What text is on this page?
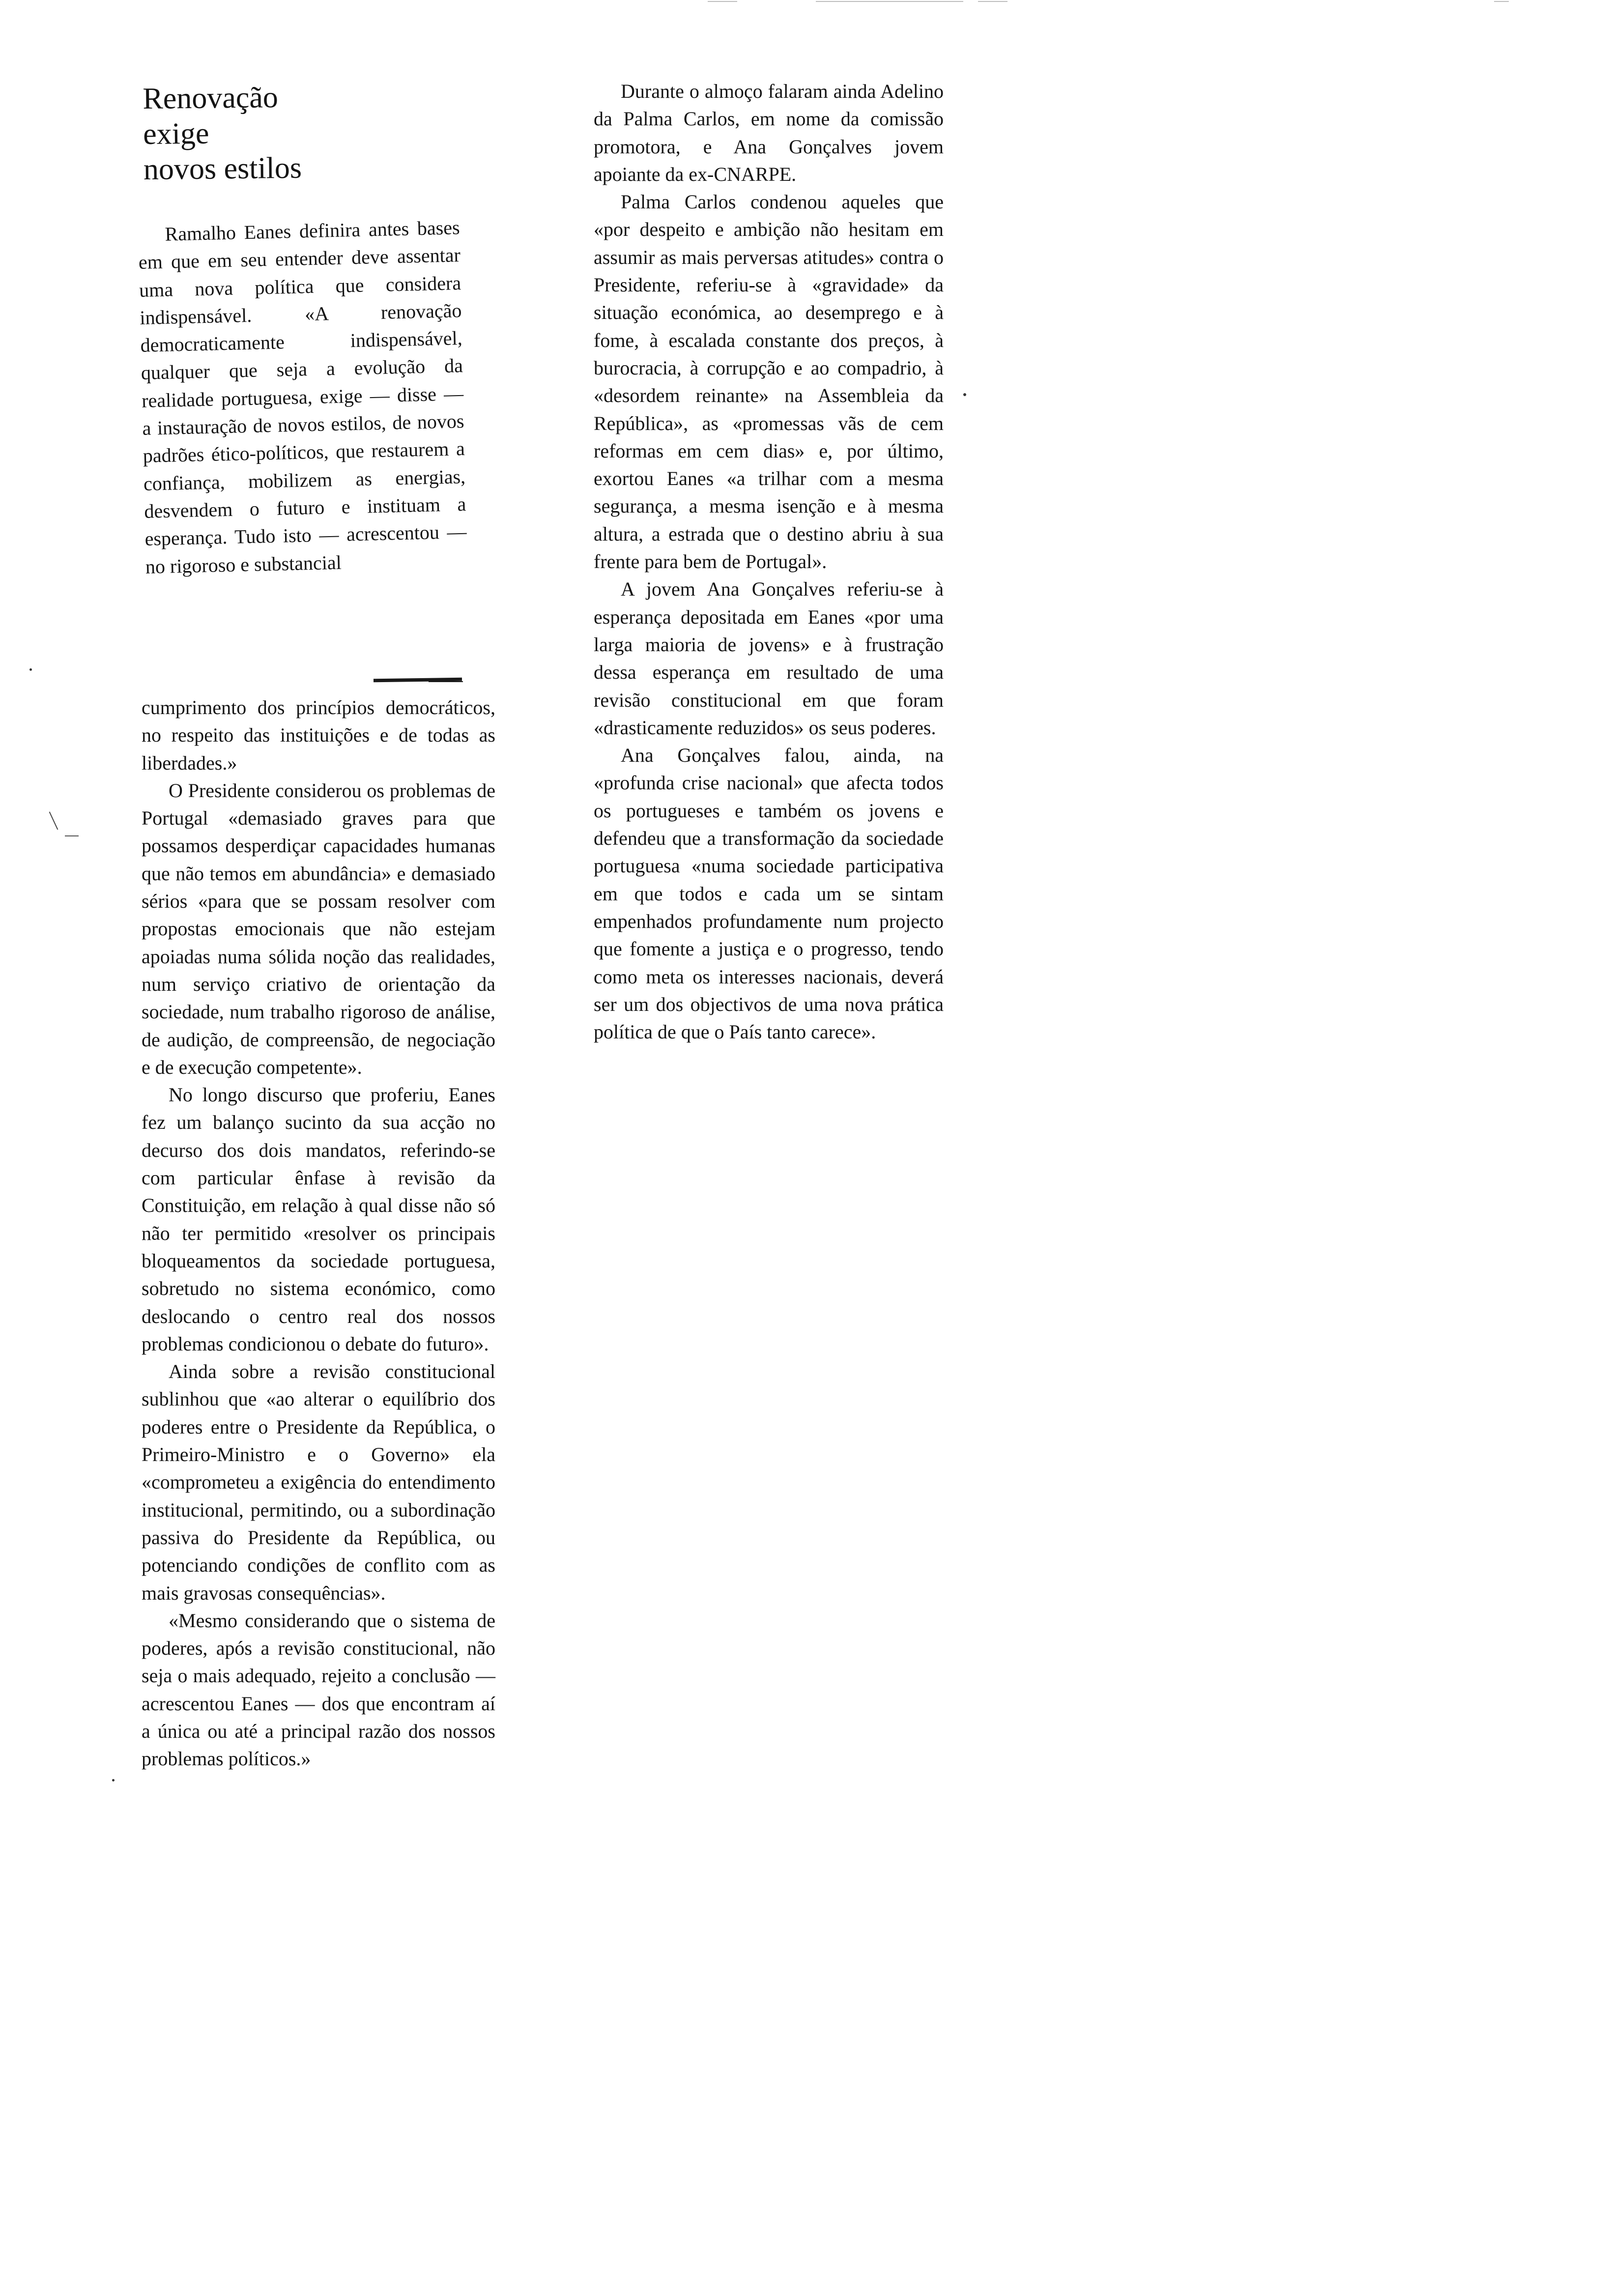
Renovação
exige
novos estilos

Ramalho Eanes definira antes bases em que em seu entender deve assentar uma nova política que considera indispensável. «A renovação democraticamente indispensável, qualquer que seja a evolução da realidade portuguesa, exige — disse — a instauração de novos estilos, de novos padrões ético-políticos, que restaurem a confiança, mobilizem as energias, desvendem o futuro e instituam a esperança. Tudo isto — acrescentou — no rigoroso e substancial

cumprimento dos princípios democráticos, no respeito das instituições e de todas as liberdades.»

O Presidente considerou os problemas de Portugal «demasiado graves para que possamos desperdiçar capacidades humanas que não temos em abundância» e demasiado sérios «para que se possam resolver com propostas emocionais que não estejam apoiadas numa sólida noção das realidades, num serviço criativo de orientação da sociedade, num trabalho rigoroso de análise, de audição, de compreensão, de negociação e de execução competente».

No longo discurso que proferiu, Eanes fez um balanço sucinto da sua acção no decurso dos dois mandatos, referindo-se com particular ênfase à revisão da Constituição, em relação à qual disse não só não ter permitido «resolver os principais bloqueamentos da sociedade portuguesa, sobretudo no sistema económico, como deslocando o centro real dos nossos problemas condicionou o debate do futuro».

Ainda sobre a revisão constitucional sublinhou que «ao alterar o equilíbrio dos poderes entre o Presidente da República, o Primeiro-Ministro e o Governo» ela «comprometeu a exigência do entendimento institucional, permitindo, ou a subordinação passiva do Presidente da República, ou potenciando condições de conflito com as mais gravosas consequências».

«Mesmo considerando que o sistema de poderes, após a revisão constitucional, não seja o mais adequado, rejeito a conclusão — acrescentou Eanes — dos que encontram aí a única ou até a principal razão dos nossos problemas políticos.»

Durante o almoço falaram ainda Adelino da Palma Carlos, em nome da comissão promotora, e Ana Gonçalves jovem apoiante da ex-CNARPE.

Palma Carlos condenou aqueles que «por despeito e ambição não hesitam em assumir as mais perversas atitudes» contra o Presidente, referiu-se à «gravidade» da situação económica, ao desemprego e à fome, à escalada constante dos preços, à burocracia, à corrupção e ao compadrio, à «desordem reinante» na Assembleia da República», as «promessas vãs de cem reformas em cem dias» e, por último, exortou Eanes «a trilhar com a mesma segurança, a mesma isenção e à mesma altura, a estrada que o destino abriu à sua frente para bem de Portugal».

A jovem Ana Gonçalves referiu-se à esperança depositada em Eanes «por uma larga maioria de jovens» e à frustração dessa esperança em resultado de uma revisão constitucional em que foram «drasticamente reduzidos» os seus poderes.

Ana Gonçalves falou, ainda, na «profunda crise nacional» que afecta todos os portugueses e também os jovens e defendeu que a transformação da sociedade portuguesa «numa sociedade participativa em que todos e cada um se sintam empenhados profundamente num projecto que fomente a justiça e o progresso, tendo como meta os interesses nacionais, deverá ser um dos objectivos de uma nova prática política de que o País tanto carece».
